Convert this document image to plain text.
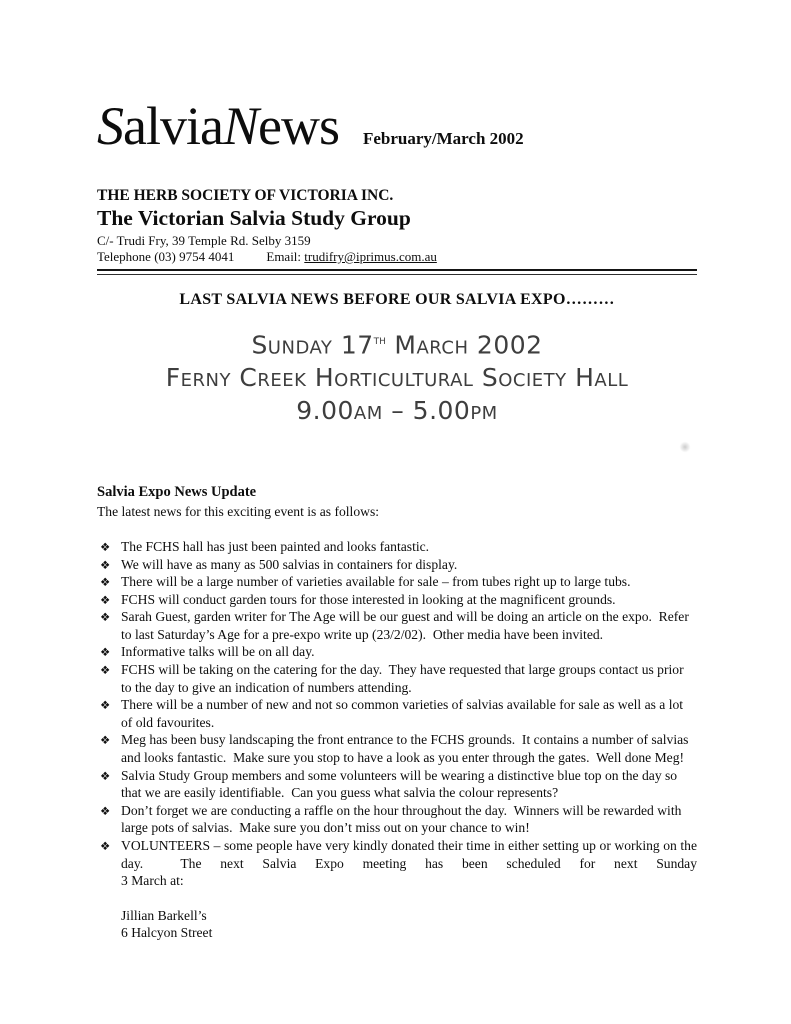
SalviaNews February/March 2002
THE HERB SOCIETY OF VICTORIA INC.
The Victorian Salvia Study Group
C/- Trudi Fry, 39 Temple Rd. Selby 3159
Telephone (03) 9754 4041 Email: trudifry@iprimus.com.au
LAST SALVIA NEWS BEFORE OUR SALVIA EXPO………
Sunday 17th March 2002
Ferny Creek Horticultural Society Hall
9.00am – 5.00pm
Salvia Expo News Update

The latest news for this exciting event is as follows:

❖ The FCHS hall has just been painted and looks fantastic.
❖ We will have as many as 500 salvias in containers for display.
❖ There will be a large number of varieties available for sale – from tubes right up to large tubs.
❖ FCHS will conduct garden tours for those interested in looking at the magnificent grounds.
❖ Sarah Guest, garden writer for The Age will be our guest and will be doing an article on the expo.  Refer to last Saturday’s Age for a pre-expo write up (23/2/02).  Other media have been invited.
❖ Informative talks will be on all day.
❖ FCHS will be taking on the catering for the day.  They have requested that large groups contact us prior to the day to give an indication of numbers attending.
❖ There will be a number of new and not so common varieties of salvias available for sale as well as a lot of old favourites.
❖ Meg has been busy landscaping the front entrance to the FCHS grounds.  It contains a number of salvias and looks fantastic.  Make sure you stop to have a look as you enter through the gates.  Well done Meg!
❖ Salvia Study Group members and some volunteers will be wearing a distinctive blue top on the day so that we are easily identifiable.  Can you guess what salvia the colour represents?
❖ Don’t forget we are conducting a raffle on the hour throughout the day.  Winners will be rewarded with large pots of salvias.  Make sure you don’t miss out on your chance to win!
❖ VOLUNTEERS – some people have very kindly donated their time in either setting up or working on the day.  The next Salvia Expo meeting has been scheduled for next Sunday
3 March at:
Jillian Barkell’s
6 Halcyon Street
